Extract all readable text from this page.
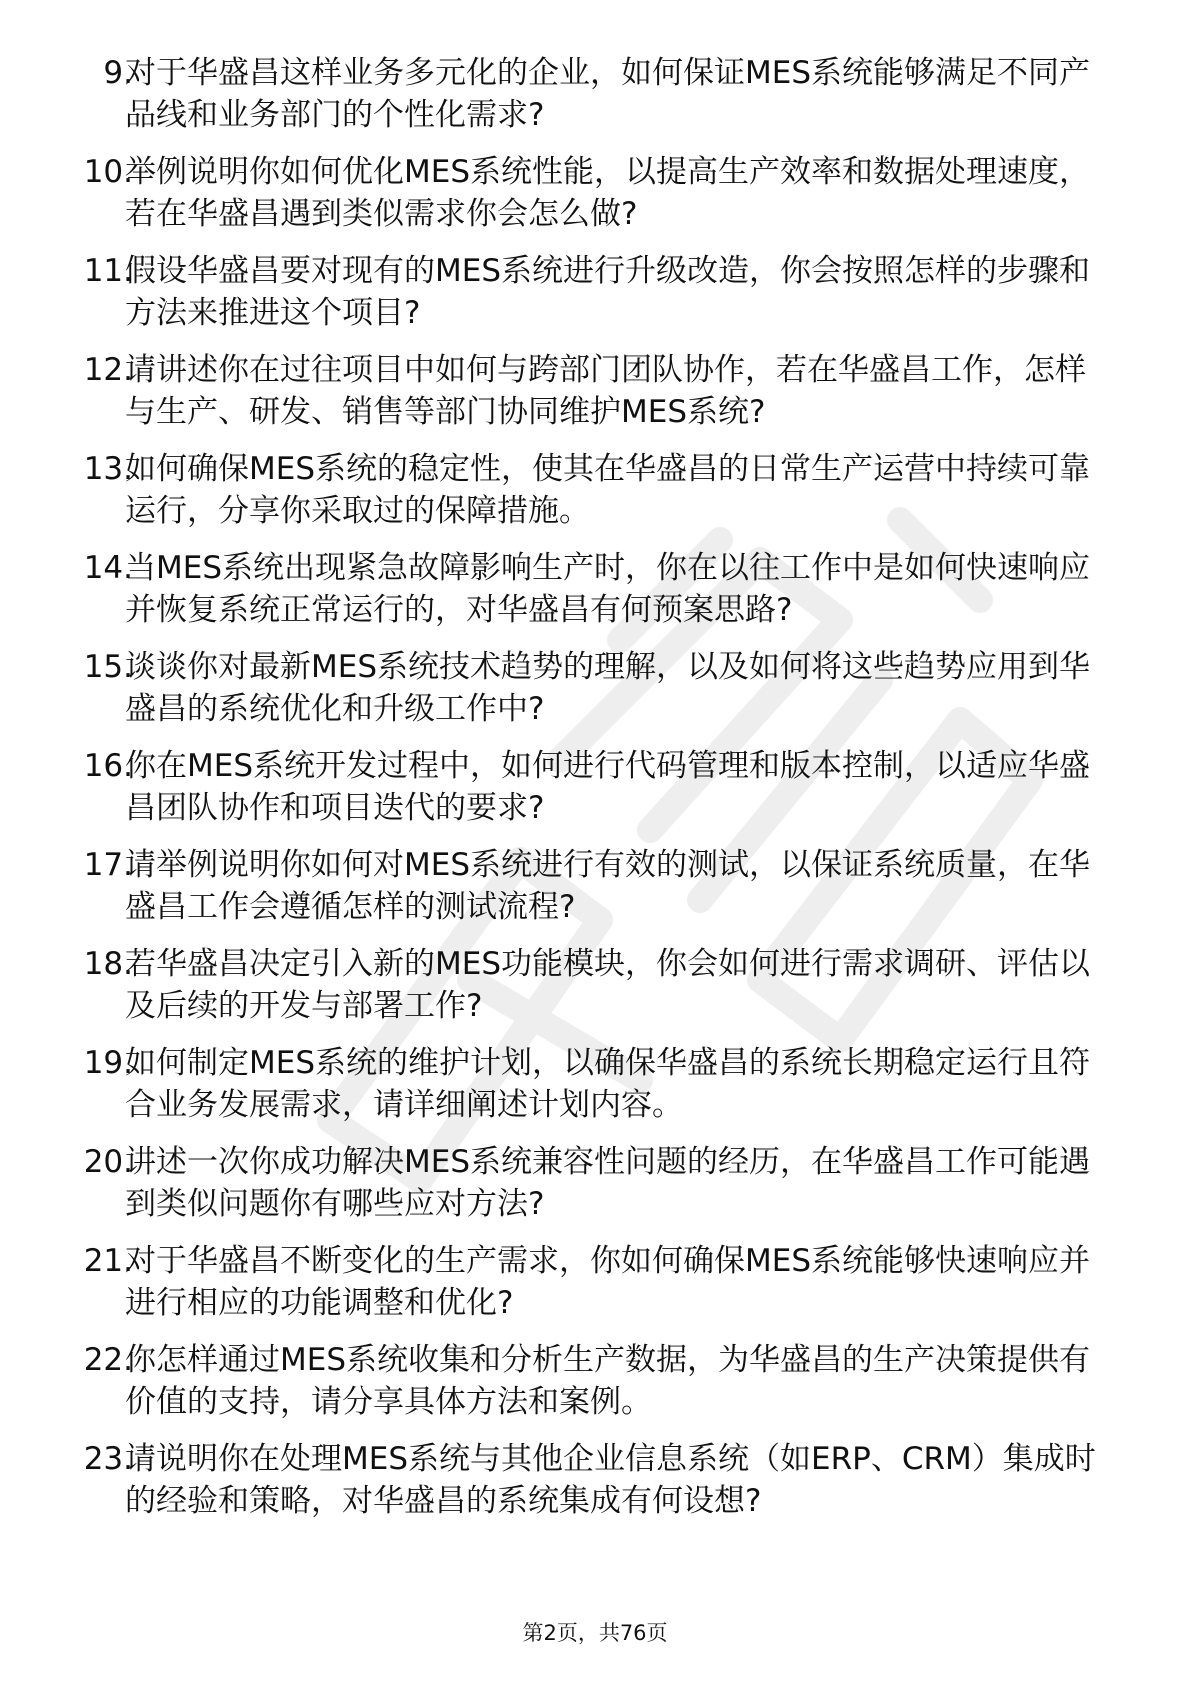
9.

对于华盛昌这样业务多元化的企业，如何保证MES系统能够满足不同产品线和业务部门的个性化需求?

10.

举例说明你如何优化MES系统性能，以提高生产效率和数据处理速度，若在华盛昌遇到类似需求你会怎么做?

11.

假设华盛昌要对现有的MES系统进行升级改造，你会按照怎样的步骤和方法来推进这个项目?

12.

请讲述你在过往项目中如何与跨部门团队协作，若在华盛昌工作，怎样与生产、研发、销售等部门协同维护MES系统?

13.

如何确保MES系统的稳定性，使其在华盛昌的日常生产运营中持续可靠运行，分享你采取过的保障措施。

14.

当MES系统出现紧急故障影响生产时，你在以往工作中是如何快速响应并恢复系统正常运行的，对华盛昌有何预案思路?

15.

谈谈你对最新MES系统技术趋势的理解，以及如何将这些趋势应用到华盛昌的系统优化和升级工作中?

16.

你在MES系统开发过程中，如何进行代码管理和版本控制，以适应华盛昌团队协作和项目迭代的要求?

17.

请举例说明你如何对MES系统进行有效的测试，以保证系统质量，在华盛昌工作会遵循怎样的测试流程?

18.

若华盛昌决定引入新的MES功能模块，你会如何进行需求调研、评估以及后续的开发与部署工作?

19.

如何制定MES系统的维护计划，以确保华盛昌的系统长期稳定运行且符合业务发展需求，请详细阐述计划内容。

20.

讲述一次你成功解决MES系统兼容性问题的经历，在华盛昌工作可能遇到类似问题你有哪些应对方法?

21.

对于华盛昌不断变化的生产需求，你如何确保MES系统能够快速响应并进行相应的功能调整和优化?

22.

你怎样通过MES系统收集和分析生产数据，为华盛昌的生产决策提供有价值的支持，请分享具体方法和案例。

23.

请说明你在处理MES系统与其他企业信息系统（如ERP、CRM）集成时的经验和策略，对华盛昌的系统集成有何设想?

第2页，共76页
